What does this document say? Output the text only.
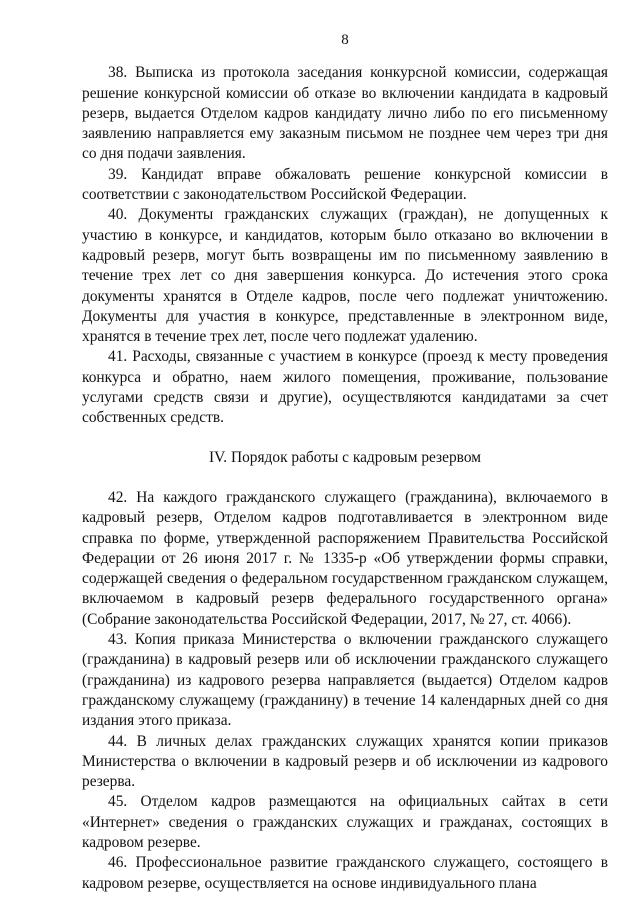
8

38. Выписка из протокола заседания конкурсной комиссии, содержащая решение конкурсной комиссии об отказе во включении кандидата в кадровый резерв, выдается Отделом кадров кандидату лично либо по его письменному заявлению направляется ему заказным письмом не позднее чем через три дня со дня подачи заявления.

39. Кандидат вправе обжаловать решение конкурсной комиссии в соответствии с законодательством Российской Федерации.

40. Документы гражданских служащих (граждан), не допущенных к участию в конкурсе, и кандидатов, которым было отказано во включении в кадровый резерв, могут быть возвращены им по письменному заявлению в течение трех лет со дня завершения конкурса. До истечения этого срока документы хранятся в Отделе кадров, после чего подлежат уничтожению. Документы для участия в конкурсе, представленные в электронном виде, хранятся в течение трех лет, после чего подлежат удалению.

41. Расходы, связанные с участием в конкурсе (проезд к месту проведения конкурса и обратно, наем жилого помещения, проживание, пользование услугами средств связи и другие), осуществляются кандидатами за счет собственных средств.

IV. Порядок работы с кадровым резервом

42. На каждого гражданского служащего (гражданина), включаемого в кадровый резерв, Отделом кадров подготавливается в электронном виде справка по форме, утвержденной распоряжением Правительства Российской Федерации от 26 июня 2017 г. № 1335-р «Об утверждении формы справки, содержащей сведения о федеральном государственном гражданском служащем, включаемом в кадровый резерв федерального государственного органа» (Собрание законодательства Российской Федерации, 2017, № 27, ст. 4066).

43. Копия приказа Министерства о включении гражданского служащего (гражданина) в кадровый резерв или об исключении гражданского служащего (гражданина) из кадрового резерва направляется (выдается) Отделом кадров гражданскому служащему (гражданину) в течение 14 календарных дней со дня издания этого приказа.

44. В личных делах гражданских служащих хранятся копии приказов Министерства о включении в кадровый резерв и об исключении из кадрового резерва.

45. Отделом кадров размещаются на официальных сайтах в сети «Интернет» сведения о гражданских служащих и гражданах, состоящих в кадровом резерве.

46. Профессиональное развитие гражданского служащего, состоящего в кадровом резерве, осуществляется на основе индивидуального плана
